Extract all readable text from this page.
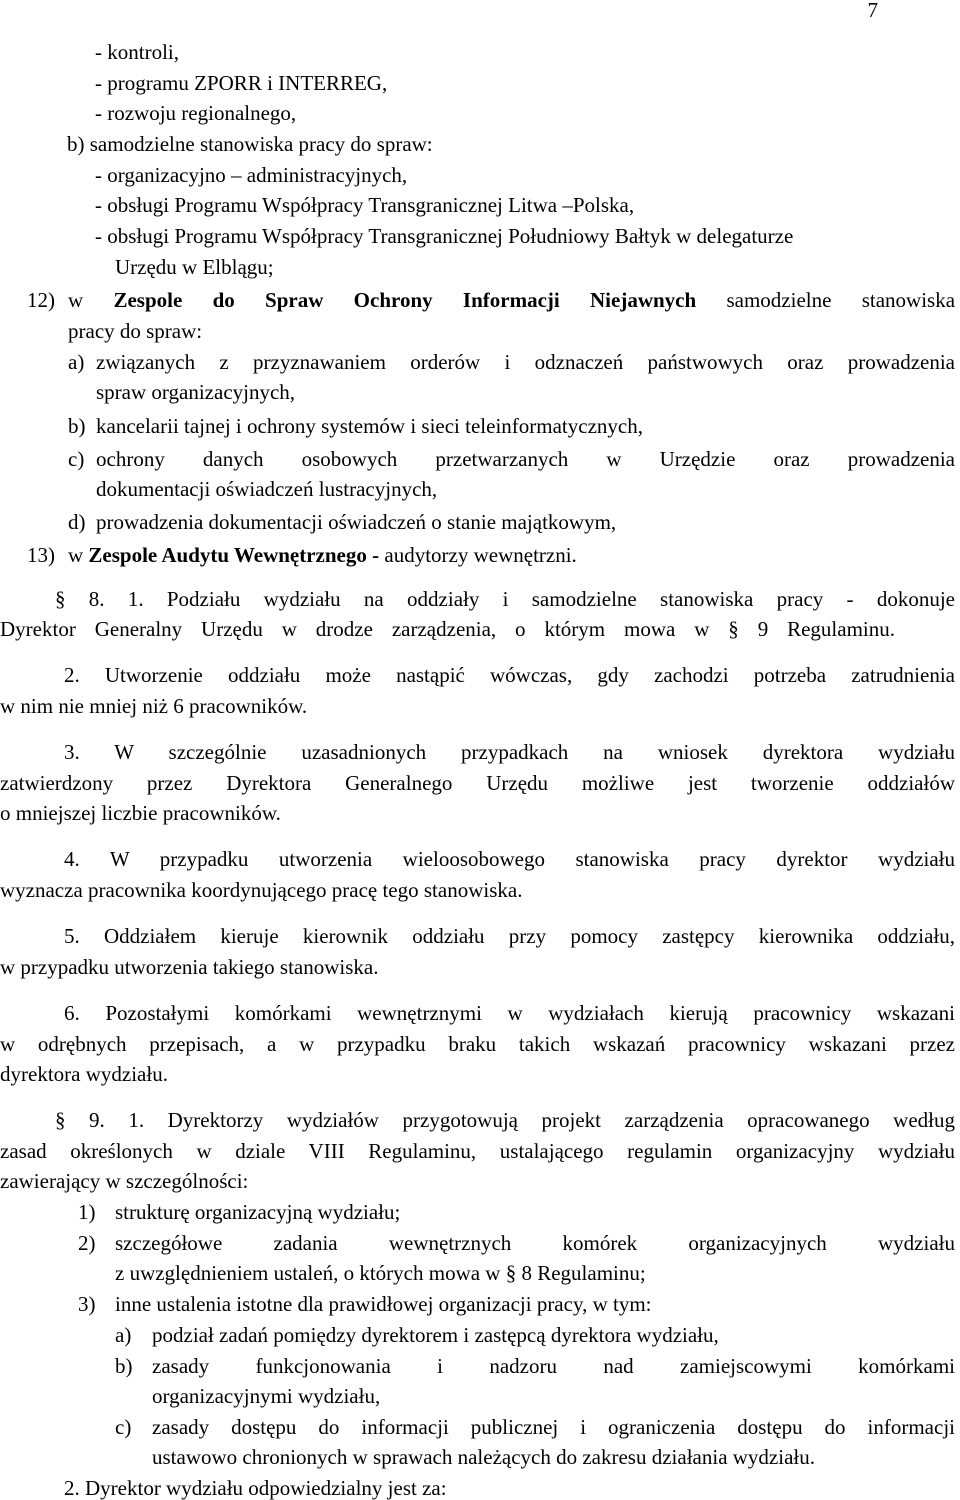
7
- kontroli,
- programu ZPORR i INTERREG,
- rozwoju regionalnego,
b) samodzielne stanowiska pracy do spraw:
- organizacyjno – administracyjnych,
- obsługi Programu Współpracy Transgranicznej Litwa –Polska,
- obsługi Programu Współpracy Transgranicznej Południowy Bałtyk w delegaturze
Urzędu w Elblągu;
12) w Zespole do Spraw Ochrony Informacji Niejawnych samodzielne stanowiska
pracy do spraw:
a) związanych z przyznawaniem orderów i odznaczeń państwowych oraz prowadzenia
spraw organizacyjnych,
b) kancelarii tajnej i ochrony systemów i sieci teleinformatycznych,
c) ochrony danych osobowych przetwarzanych w Urzędzie oraz prowadzenia
dokumentacji oświadczeń lustracyjnych,
d) prowadzenia dokumentacji oświadczeń o stanie majątkowym,
13) w Zespole Audytu Wewnętrznego - audytorzy wewnętrzni.
§ 8. 1. Podziału wydziału na oddziały i samodzielne stanowiska pracy - dokonuje
Dyrektor Generalny Urzędu w drodze zarządzenia, o którym mowa w § 9 Regulaminu.
2. Utworzenie oddziału może nastąpić wówczas, gdy zachodzi potrzeba zatrudnienia
w nim nie mniej niż 6 pracowników.
3. W szczególnie uzasadnionych przypadkach na wniosek dyrektora wydziału
zatwierdzony przez Dyrektora Generalnego Urzędu możliwe jest tworzenie oddziałów
o mniejszej liczbie pracowników.
4. W przypadku utworzenia wieloosobowego stanowiska pracy dyrektor wydziału
wyznacza pracownika koordynującego pracę tego stanowiska.
5. Oddziałem kieruje kierownik oddziału przy pomocy zastępcy kierownika oddziału,
w przypadku utworzenia takiego stanowiska.
6. Pozostałymi komórkami wewnętrznymi w wydziałach kierują pracownicy wskazani
w odrębnych przepisach, a w przypadku braku takich wskazań pracownicy wskazani przez
dyrektora wydziału.
§ 9. 1. Dyrektorzy wydziałów przygotowują projekt zarządzenia opracowanego według
zasad określonych w dziale VIII Regulaminu, ustalającego regulamin organizacyjny wydziału
zawierający w szczególności:
1) strukturę organizacyjną wydziału;
2) szczegółowe zadania wewnętrznych komórek organizacyjnych wydziału
z uwzględnieniem ustaleń, o których mowa w § 8 Regulaminu;
3) inne ustalenia istotne dla prawidłowej organizacji pracy, w tym:
a) podział zadań pomiędzy dyrektorem i zastępcą dyrektora wydziału,
b) zasady funkcjonowania i nadzoru nad zamiejscowymi komórkami
organizacyjnymi wydziału,
c) zasady dostępu do informacji publicznej i ograniczenia dostępu do informacji
ustawowo chronionych w sprawach należących do zakresu działania wydziału.
2. Dyrektor wydziału odpowiedzialny jest za:
